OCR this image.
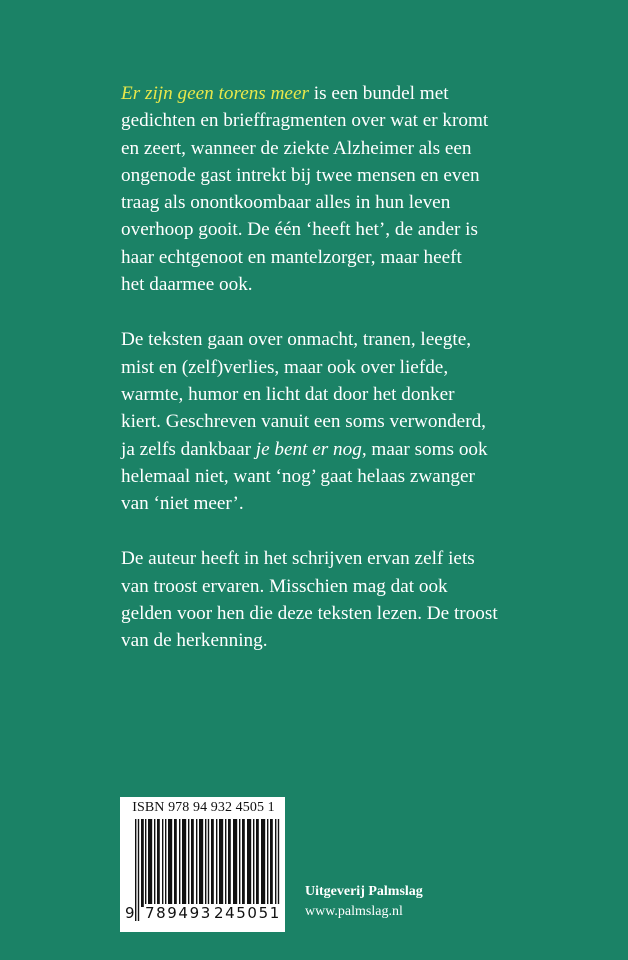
Er zijn geen torens meer is een bundel met
gedichten en brieffragmenten over wat er kromt
en zeert, wanneer de ziekte Alzheimer als een
ongenode gast intrekt bij twee mensen en even
traag als onontkoombaar alles in hun leven
overhoop gooit. De één ‘heeft het’, de ander is
haar echtgenoot en mantelzorger, maar heeft
het daarmee ook.

De teksten gaan over onmacht, tranen, leegte,
mist en (zelf)verlies, maar ook over liefde,
warmte, humor en licht dat door het donker
kiert. Geschreven vanuit een soms verwonderd,
ja zelfs dankbaar je bent er nog, maar soms ook
helemaal niet, want ‘nog’ gaat helaas zwanger
van ‘niet meer’.

De auteur heeft in het schrijven ervan zelf iets
van troost ervaren. Misschien mag dat ook
gelden voor hen die deze teksten lezen. De troost
van de herkenning.

ISBN 978 94 932 4505 1
9 789493 245051
Uitgeverij Palmslag
www.palmslag.nl
